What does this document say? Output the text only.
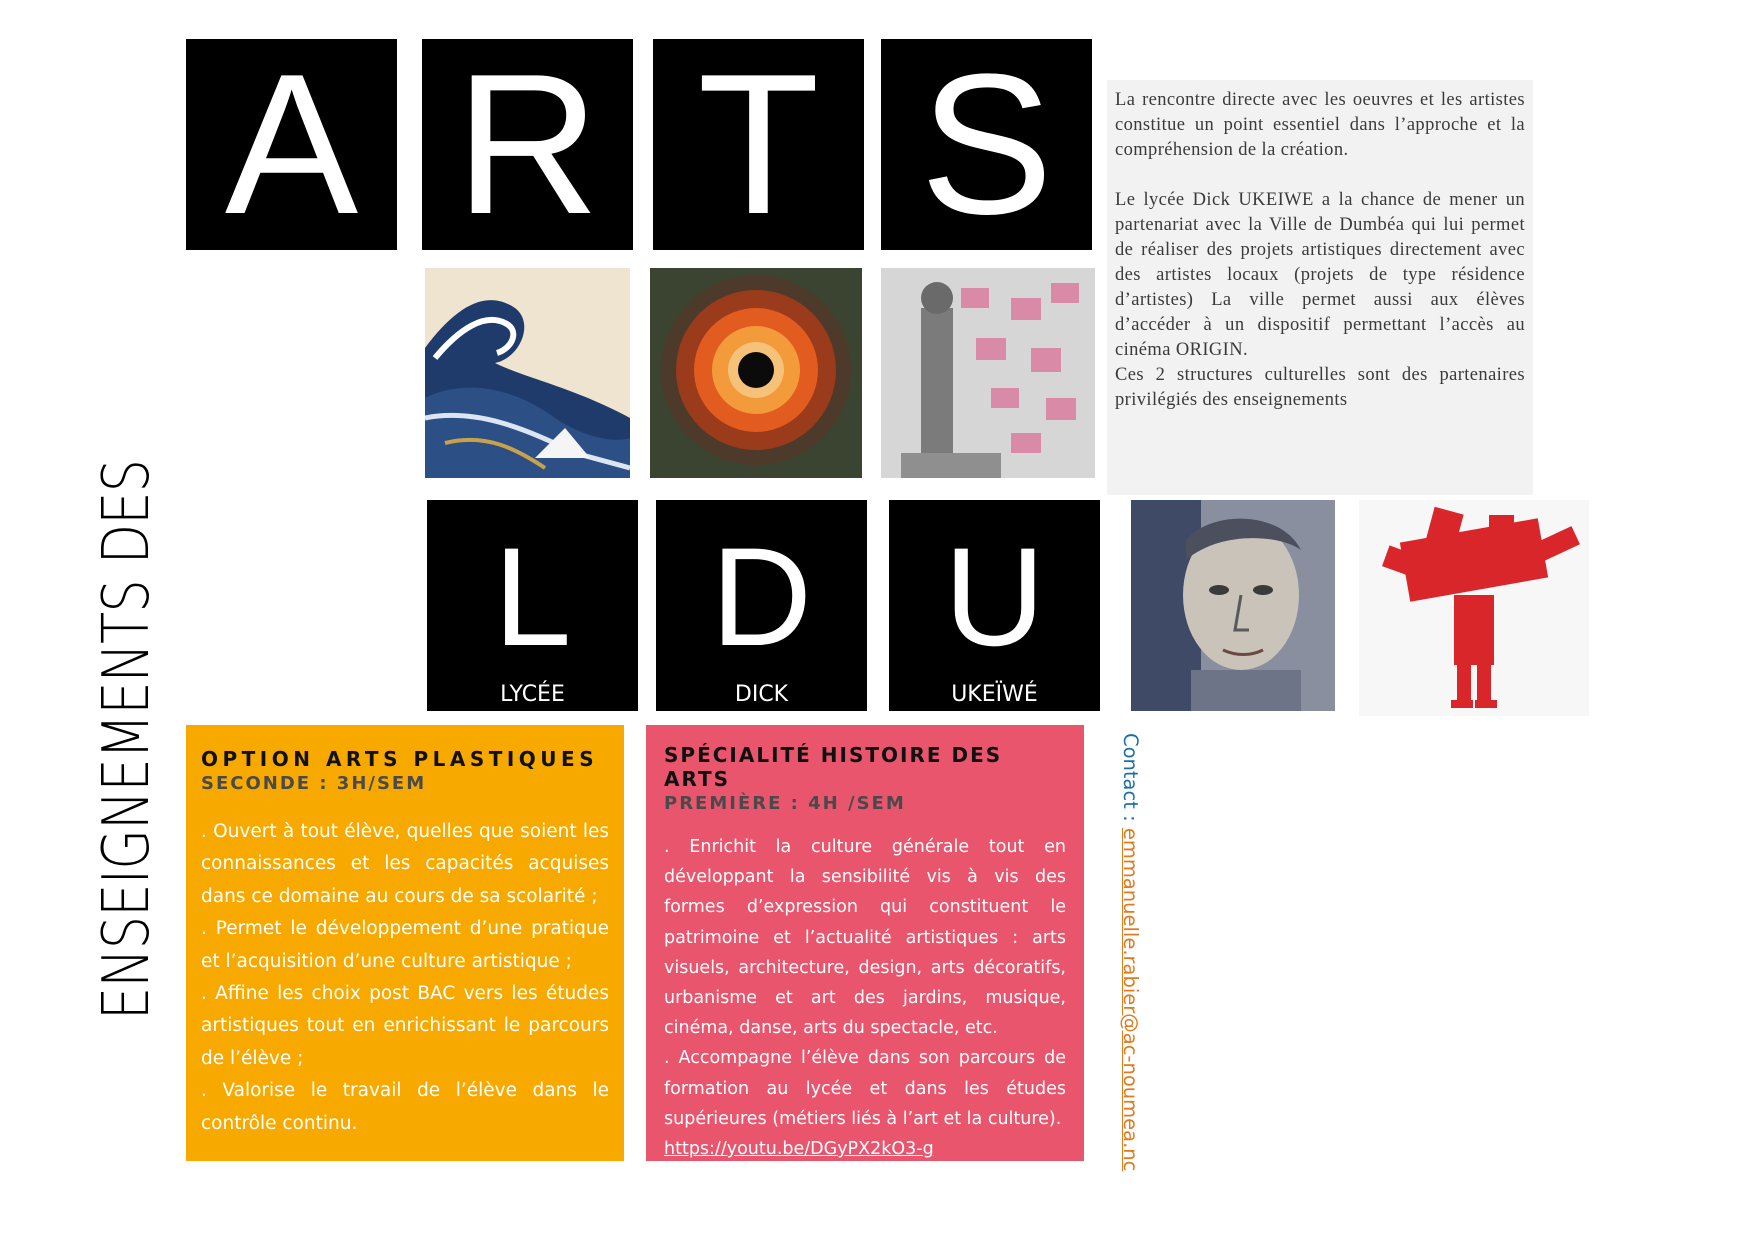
ENSEIGNEMENTS DES
A R T S
L
LYCÉE
D
DICK
U
UKEÏWÉ

La rencontre directe avec les oeuvres et les artistes constitue un point essentiel dans l’approche et la compréhension de la création.

Le lycée Dick UKEIWE a la chance de mener un partenariat avec la Ville de Dumbéa qui lui permet de réaliser des projets artistiques directement avec des artistes locaux (projets de type résidence d’artistes) La ville permet aussi aux élèves d’accéder à un dispositif permettant l’accès au cinéma ORIGIN.

Ces 2 structures culturelles sont des partenaires privilégiés des enseignements

OPTION ARTS PLASTIQUES
SECONDE : 3H/SEM

. Ouvert à tout élève, quelles que soient les connaissances et les capacités acquises dans ce domaine au cours de sa scolarité ;

. Permet le développement d’une pratique et l’acquisition d’une culture artistique ;

. Affine les choix post BAC vers les études artistiques tout en enrichissant le parcours de l’élève ;

. Valorise le travail de l’élève dans le contrôle continu.

SPÉCIALITÉ HISTOIRE DES ARTS
PREMIÈRE : 4H /SEM

. Enrichit la culture générale tout en développant la sensibilité vis à vis des formes d’expression qui constituent le patrimoine et l’actualité artistiques : arts visuels, architecture, design, arts décoratifs, urbanisme et art des jardins, musique, cinéma, danse, arts du spectacle, etc.

. Accompagne l’élève dans son parcours de formation au lycée et dans les études supérieures (métiers liés à l’art et la culture).

https://youtu.be/DGyPX2kO3-g

Contact : emmanuelle.rabier@ac-noumea.nc
